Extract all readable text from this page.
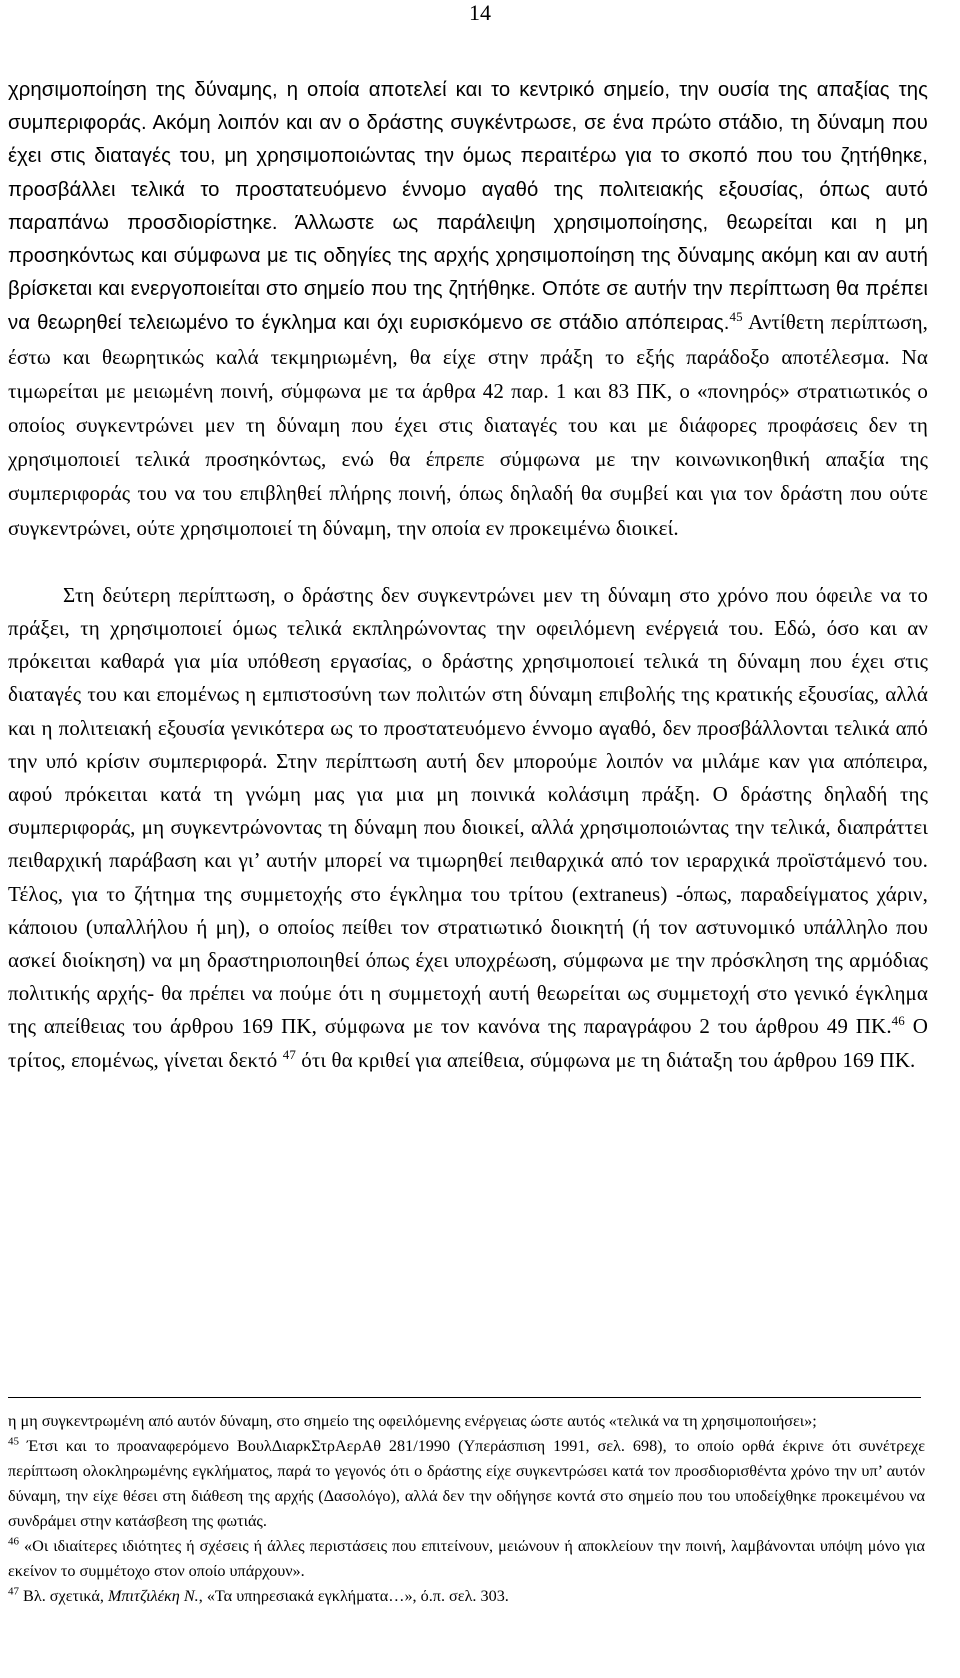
14

χρησιμοποίηση της δύναμης, η οποία αποτελεί και το κεντρικό σημείο, την ουσία της απαξίας της συμπεριφοράς. Ακόμη λοιπόν και αν ο δράστης συγκέντρωσε, σε ένα πρώτο στάδιο, τη δύναμη που έχει στις διαταγές του, μη χρησιμοποιώντας την όμως περαιτέρω για το σκοπό που του ζητήθηκε, προσβάλλει τελικά το προστατευόμενο έννομο αγαθό της πολιτειακής εξουσίας, όπως αυτό παραπάνω προσδιορίστηκε. Άλλωστε ως παράλειψη χρησιμοποίησης, θεωρείται και η μη προσηκόντως και σύμφωνα με τις οδηγίες της αρχής χρησιμοποίηση της δύναμης ακόμη και αν αυτή βρίσκεται και ενεργοποιείται στο σημείο που της ζητήθηκε. Οπότε σε αυτήν την περίπτωση θα πρέπει να θεωρηθεί τελειωμένο το έγκλημα και όχι ευρισκόμενο σε στάδιο απόπειρας.$^{45}$ Αντίθετη περίπτωση, έστω και θεωρητικώς καλά τεκμηριωμένη, θα είχε στην πράξη το εξής παράδοξο αποτέλεσμα. Να τιμωρείται με μειωμένη ποινή, σύμφωνα με τα άρθρα 42 παρ. 1 και 83 ΠΚ, ο «πονηρός» στρατιωτικός ο οποίος συγκεντρώνει μεν τη δύναμη που έχει στις διαταγές του και με διάφορες προφάσεις δεν τη χρησιμοποιεί τελικά προσηκόντως, ενώ θα έπρεπε σύμφωνα με την κοινωνικοηθική απαξία της συμπεριφοράς του να του επιβληθεί πλήρης ποινή, όπως δηλαδή θα συμβεί και για τον δράστη που ούτε συγκεντρώνει, ούτε χρησιμοποιεί τη δύναμη, την οποία εν προκειμένω διοικεί.

Στη δεύτερη περίπτωση, ο δράστης δεν συγκεντρώνει μεν τη δύναμη στο χρόνο που όφειλε να το πράξει, τη χρησιμοποιεί όμως τελικά εκπληρώνοντας την οφειλόμενη ενέργειά του. Εδώ, όσο και αν πρόκειται καθαρά για μία υπόθεση εργασίας, ο δράστης χρησιμοποιεί τελικά τη δύναμη που έχει στις διαταγές του και επομένως η εμπιστοσύνη των πολιτών στη δύναμη επιβολής της κρατικής εξουσίας, αλλά και η πολιτειακή εξουσία γενικότερα ως το προστατευόμενο έννομο αγαθό, δεν προσβάλλονται τελικά από την υπό κρίσιν συμπεριφορά. Στην περίπτωση αυτή δεν μπορούμε λοιπόν να μιλάμε καν για απόπειρα, αφού πρόκειται κατά τη γνώμη μας για μια μη ποινικά κολάσιμη πράξη. Ο δράστης δηλαδή της συμπεριφοράς, μη συγκεντρώνοντας τη δύναμη που διοικεί, αλλά χρησιμοποιώντας την τελικά, διαπράττει πειθαρχική παράβαση και γι’ αυτήν μπορεί να τιμωρηθεί πειθαρχικά από τον ιεραρχικά προϊστάμενό του. Τέλος, για το ζήτημα της συμμετοχής στο έγκλημα του τρίτου (extraneus) -όπως, παραδείγματος χάριν, κάποιου (υπαλλήλου ή μη), ο οποίος πείθει τον στρατιωτικό διοικητή (ή τον αστυνομικό υπάλληλο που ασκεί διοίκηση) να μη δραστηριοποιηθεί όπως έχει υποχρέωση, σύμφωνα με την πρόσκληση της αρμόδιας πολιτικής αρχής- θα πρέπει να πούμε ότι η συμμετοχή αυτή θεωρείται ως συμμετοχή στο γενικό έγκλημα της απείθειας του άρθρου 169 ΠΚ, σύμφωνα με τον κανόνα της παραγράφου 2 του άρθρου 49 ΠΚ.$^{46}$ Ο τρίτος, επομένως, γίνεται δεκτό $^{47}$ ότι θα κριθεί για απείθεια, σύμφωνα με τη διάταξη του άρθρου 169 ΠΚ.

η μη συγκεντρωμένη από αυτόν δύναμη, στο σημείο της οφειλόμενης ενέργειας ώστε αυτός «τελικά να τη χρησιμοποιήσει»;

$^{45}$ Έτσι και το προαναφερόμενο ΒουλΔιαρκΣτρΑερΑθ 281/1990 (Υπεράσπιση 1991, σελ. 698), το οποίο ορθά έκρινε ότι συνέτρεχε περίπτωση ολοκληρωμένης εγκλήματος, παρά το γεγονός ότι ο δράστης είχε συγκεντρώσει κατά τον προσδιορισθέντα χρόνο την υπ’ αυτόν δύναμη, την είχε θέσει στη διάθεση της αρχής (Δασολόγο), αλλά δεν την οδήγησε κοντά στο σημείο που του υποδείχθηκε προκειμένου να συνδράμει στην κατάσβεση της φωτιάς.

$^{46}$ «Οι ιδιαίτερες ιδιότητες ή σχέσεις ή άλλες περιστάσεις που επιτείνουν, μειώνουν ή αποκλείουν την ποινή, λαμβάνονται υπόψη μόνο για εκείνον το συμμέτοχο στον οποίο υπάρχουν».

$^{47}$ Βλ. σχετικά, Μπιτζιλέκη Ν., «Τα υπηρεσιακά εγκλήματα…», ό.π. σελ. 303.
